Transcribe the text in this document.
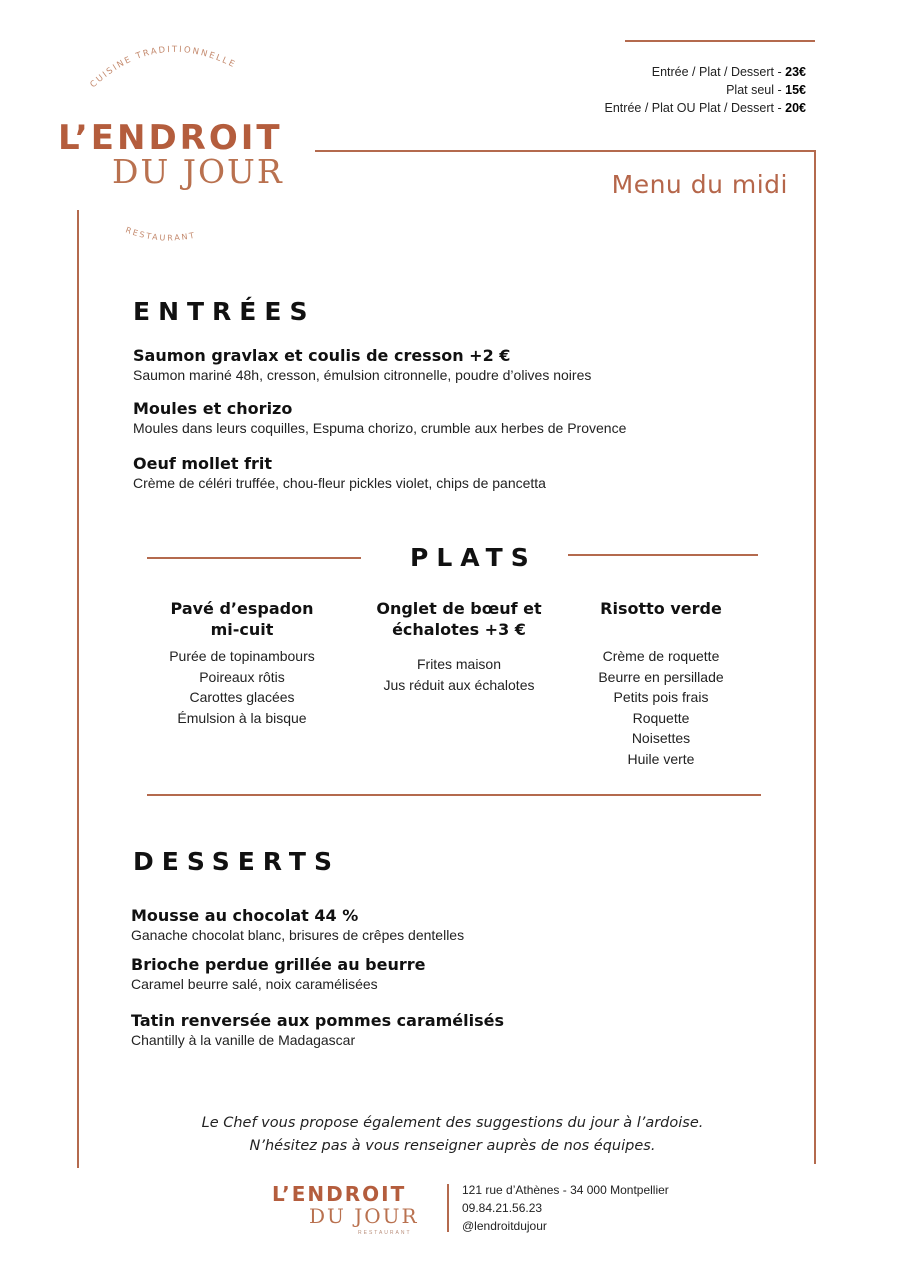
CUISINE TRADITIONNELLE
L’ENDROIT
DU JOUR
RESTAURANT
Entrée / Plat / Dessert - 23€
Plat seul - 15€
Entrée / Plat OU Plat / Dessert - 20€
Menu du midi
ENTRÉES
Saumon gravlax et coulis de cresson +2 €
Saumon mariné 48h, cresson, émulsion citronnelle, poudre d’olives noires
Moules et chorizo
Moules dans leurs coquilles, Espuma chorizo, crumble aux herbes de Provence
Oeuf mollet frit
Crème de céléri truffée, chou-fleur pickles violet, chips de pancetta
PLATS
Pavé d’espadon mi-cuit
Purée de topinambours
Poireaux rôtis
Carottes glacées
Émulsion à la bisque
Onglet de bœuf et échalotes +3 €
Frites maison
Jus réduit aux échalotes
Risotto verde
Crème de roquette
Beurre en persillade
Petits pois frais
Roquette
Noisettes
Huile verte
DESSERTS
Mousse au chocolat 44 %
Ganache chocolat blanc, brisures de crêpes dentelles
Brioche perdue grillée au beurre
Caramel beurre salé, noix caramélisées
Tatin renversée aux pommes caramélisés
Chantilly à la vanille de Madagascar
Le Chef vous propose également des suggestions du jour à l’ardoise.
N’hésitez pas à vous renseigner auprès de nos équipes.
L’ENDROIT
DU JOUR
RESTAURANT
121 rue d’Athènes - 34 000 Montpellier
09.84.21.56.23
@lendroitdujour
